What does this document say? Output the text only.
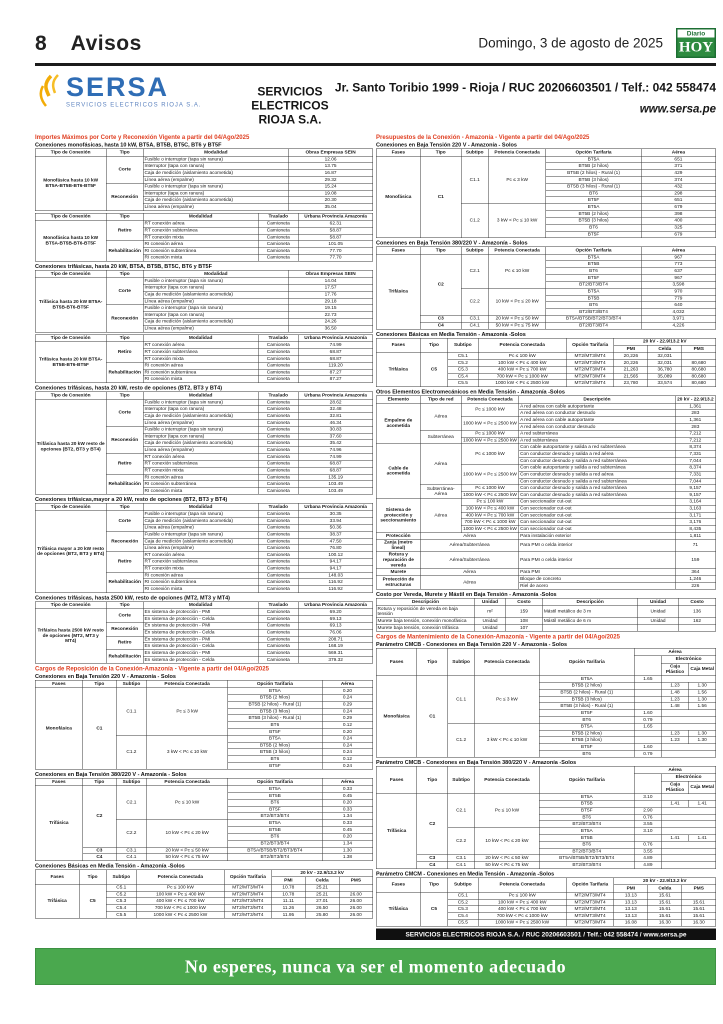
8 Avisos	Domingo, 3 de agosto de 2025
Diario
HOY
SERSA
SERVICIOS ELECTRICOS RIOJA S.A.
SERVICIOS ELECTRICOS RIOJA S.A.
Jr. Santo Toribio 1999 - Rioja / RUC 20206603501 / Telf.: 042 558474
www.sersa.pe
Importes Máximos por Corte y Reconexión Vigente a partir del 04/Ago/2025
Conexiones monofásicas, hasta 10 kW, BT5A, BT5B, BT5C, BT6 y BT5F
Tipo de Conexión	Tipo	Modalidad	Obras Empresas SEIN
Monofásica hasta 10 kW BT5A-BT5B-BT6-BT5F	Corte	Fusible o interruptor (tapa sin ranura)	12.06
		Interruptor (tapa con ranura)	13.75
		Caja de medición (aislamiento acometida)	16.87
		Línea aérea (empalme)	29.32
	Reconexión	Fusible o interruptor (tapa sin ranura)	15.24
		Interruptor (tapa con ranura)	19.08
		Caja de medición (aislamiento acometida)	20.30
		Línea aérea (empalme)	35.04
Tipo de Conexión	Tipo	Modalidad	Traslado	Urbana Provincia Amazonía
Monofásica hasta 10 kW BT5A-BT5B-BT6-BT5F	Retiro	RT conexión aérea	Camioneta	62.31
		RT conexión subterránea	Camioneta	58.87
		RT conexión mixta	Camioneta	58.87
	Rehabilitación	RI conexión aérea	Camioneta	101.05
		RI conexión subterránea	Camioneta	77.70
		RI conexión mixta	Camioneta	77.70
Conexiones trifásicas, hasta 20 kW, BT5A, BT5B, BT5C, BT6 y BT5F
Tipo de Conexión	Tipo	Modalidad	Obras Empresas SEIN
Trifásica hasta 20 kW BT5A-BT5B-BT6-BT5F	Corte	Fusible o interruptor (tapa sin ranura)	14.04
		Interruptor (tapa con ranura)	17.57
		Caja de medición (aislamiento acometida)	17.76
		Línea aérea (empalme)	29.18
	Reconexión	Fusible o interruptor (tapa sin ranura)	19.15
		Interruptor (tapa con ranura)	22.73
		Caja de medición (aislamiento acometida)	24.26
		Línea aérea (empalme)	36.50
Tipo de Conexión	Tipo	Modalidad	Traslado	Urbana Provincia Amazonía
Trifásica hasta 20 kW BT5A-BT5B-BT6-BT5F	Retiro	RT conexión aérea	Camioneta	74.99
		RT conexión subterránea	Camioneta	68.87
		RT conexión mixta	Camioneta	68.87
	Rehabilitación	RI conexión aérea	Camioneta	119.20
		RI conexión subterránea	Camioneta	87.27
		RI conexión mixta	Camioneta	87.27
Conexiones trifásicas, hasta 20 kW, resto de opciones (BT2, BT3 y BT4)
Tipo de Conexión	Tipo	Modalidad	Traslado	Urbana Provincia Amazonía
Trifásica hasta 20 kW resto de opciones (BT2, BT3 y BT4)	Corte	Fusible o interruptor (tapa sin ranura)	Camioneta	28.62
		Interruptor (tapa con ranura)	Camioneta	32.48
		Caja de medición (aislamiento acometida)	Camioneta	32.81
		Línea aérea (empalme)	Camioneta	46.34
	Reconexión	Fusible o interruptor (tapa sin ranura)	Camioneta	30.83
		Interruptor (tapa con ranura)	Camioneta	37.60
		Caja de medición (aislamiento acometida)	Camioneta	35.42
		Línea aérea (empalme)	Camioneta	74.96
	Retiro	RT conexión aérea	Camioneta	74.99
		RT conexión subterránea	Camioneta	68.87
		RT conexión mixta	Camioneta	68.87
	Rehabilitación	RI conexión aérea	Camioneta	135.19
		RI conexión subterránea	Camioneta	103.49
		RI conexión mixta	Camioneta	103.49
Conexiones trifásicas,mayor a 20 kW, resto de opciones (BT2, BT3 y BT4)
Tipo de Conexión	Tipo	Modalidad	Traslado	Urbana Provincia Amazonía
Trifásica mayor a 20 kW resto de opciones (BT2, BT3 y BT4)	Corte	Fusible o interruptor (tapa sin ranura)	Camioneta	30.35
		Caja de medición (aislamiento acometida)	Camioneta	33.94
		Línea aérea (empalme)	Camioneta	50.36
	Reconexión	Fusible o interruptor (tapa sin ranura)	Camioneta	38.37
		Caja de medición (aislamiento acometida)	Camioneta	47.50
		Línea aérea (empalme)	Camioneta	76.80
	Retiro	RT conexión aérea	Camioneta	100.12
		RT conexión subterránea	Camioneta	94.17
		RT conexión mixta	Camioneta	94.17
	Rehabilitación	RI conexión aérea	Camioneta	148.03
		RI conexión subterránea	Camioneta	116.92
		RI conexión mixta	Camioneta	116.92
Conexiones trifásicas, hasta 2500 kW, resto de opciones (MT2, MT3 y MT4)
Tipo de Conexión	Tipo	Modalidad	Traslado	Urbana Provincia Amazonía
Trifásica hasta 2500 kW resto de opciones (MT2, MT3 y MT4)	Corte	En sistema de protección - PMI	Camioneta	69.20
		En sistema de protección - Celda	Camioneta	69.13
	Reconexión	En sistema de protección - PMI	Camioneta	69.13
		En sistema de protección - Celda	Camioneta	76.06
	Retiro	En sistema de protección - PMI	Camioneta	208.71
		En sistema de protección - Celda	Camioneta	168.19
	Rehabilitación	En sistema de protección - PMI	Camioneta	569.31
		En sistema de protección - Celda	Camioneta	379.32
Cargos de Reposición de la Conexión-Amazonía - Vigente a partir del 04/Ago/2025
Conexiones en Baja Tensión 220 V - Amazonía - Solos
Fases	Tipo	Subtipo	Potencia Conectada	Opción Tarifaria	Aérea
Monofásica	C1	C1.1	Pc ≤ 3 kW	BT5A	0.20
				BT5B (2 hilos)	0.24
				BT5B (2 hilos) - Rural (1)	0.29
				BT5B (3 hilos)	0.24
				BT5B (3 hilos) - Rural (1)	0.29
				BT6	0.12
				BT5F	0.20
		C1.2	3 kW < Pc ≤ 10 kW	BT5A	0.24
				BT5B (2 hilos)	0.24
				BT5B (3 hilos)	0.24
				BT6	0.12
				BT5F	0.24
Conexiones en Baja Tensión 380/220 V - Amazonía - Solos
Fases	Tipo	Subtipo	Potencia Conectada	Opción Tarifaria	Aérea
Trifásica	C2	C2.1	Pc ≤ 10 kW	BT5A	0.33
				BT5B	0.45
				BT6	0.20
				BT5F	0.33
				BT2/BT3/BT4	1.34
		C2.2	10 kW < Pc ≤ 20 kW	BT5A	0.33
				BT5B	0.45
				BT6	0.20
				BT2/BT3/BT4	1.34
	C3	C3.1	20 kW < Pc ≤ 50 kW	BT5A/BT5B/BT2/BT3/BT4	1.30
	C4	C4.1	50 kW < Pc ≤ 75 kW	BT2/BT3/BT4	1.38
Conexiones Básicas en Media Tensión - Amazonía -Solos
Fases	Tipo	Subtipo	Potencia Conectada	Opción Tarifaria	20 kV - 22.9/13.2 kV		
					PMI	Celda	PMS
Trifásica	C5	C5.1	Pc ≤ 100 kW	MT2/MT3/MT4	10.78	25.21	
		C5.2	100 kW < Pc ≤ 400 kW	MT2/MT3/MT4	10.78	25.21	26.00
		C5.3	400 kW < Pc ≤ 700 kW	MT2/MT3/MT4	11.11	27.01	26.00
		C5.4	700 kW < Pc ≤ 1000 kW	MT2/MT3/MT4	11.26	26.50	26.00
		C5.5	1000 kW < Pc ≤ 2500 kW	MT2/MT3/MT4	11.95	25.80	26.00
Presupuestos de la Conexión - Amazonía - Vigente a partir del 04/Ago/2025
Conexiones en Baja Tensión 220 V - Amazonía - Solos
Fases	Tipo	Subtipo	Potencia Conectada	Opción Tarifaria	Aérea
Monofásica	C1	C1.1	Pc ≤ 3 kW	BT5A	651
				BT5B (2 hilos)	371
				BT5B (2 hilos) - Rural (1)	429
				BT5B (3 hilos)	374
				BT5B (3 hilos) - Rural (1)	432
				BT6	298
				BT5F	651
		C1.2	3 kW < Pc ≤ 10 kW	BT5A	679
				BT5B (2 hilos)	398
				BT5B (3 hilos)	400
				BT6	325
				BT5F	679
Conexiones en Baja Tensión 380/220 V - Amazonía - Solos
Fases	Tipo	Subtipo	Potencia Conectada	Opción Tarifaria	Aérea
Trifásica	C2	C2.1	Pc ≤ 10 kW	BT5A	967
				BT5B	773
				BT6	637
				BT5F	967
				BT2/BT3/BT4	3,598
		C2.2	10 kW < Pc ≤ 20 kW	BT5A	970
				BT5B	779
				BT6	640
				BT2/BT3/BT4	4,032
	C3	C3.1	20 kW < Pc ≤ 50 kW	BT5A/BT5B/BT2/BT3/BT4	3,971
	C4	C4.1	50 kW < Pc ≤ 75 kW	BT2/BT3/BT4	4,226
Conexiones Básicas en Media Tensión - Amazonía -Solos
Fases	Tipo	Subtipo	Potencia Conectada	Opción Tarifaria	20 kV - 22.9/13.2 kV		
					PMI	Celda	PMS
Trifásica	C5	C5.1	Pc ≤ 100 kW	MT2/MT3/MT4	20,226	32,031	
		C5.2	100 kW < Pc ≤ 400 kW	MT2/MT3/MT4	20,226	32,031	80,680
		C5.3	400 kW < Pc ≤ 700 kW	MT2/MT3/MT4	21,263	36,780	80,680
		C5.4	700 kW < Pc ≤ 1000 kW	MT2/MT3/MT4	21,565	35,089	80,680
		C5.5	1000 kW < Pc ≤ 2500 kW	MT2/MT3/MT4	23,780	33,574	80,680
Otros Elementos Electromecánicos en Media Tensión - Amazonía -Solos
Elemento	Tipo de red	Potencia Conectada	Descripción	20 kV - 22.9/13.2
Empalme de acometida	Aérea	Pc ≤ 1000 kW	A red aérea con cable autoportante	1,361
			A red aérea con conductor desnudo	283
		1000 kW < Pc ≤ 2500 kW	A red aérea con cable autoportante	1,361
			A red aérea con conductor desnudo	283
	Subterránea	Pc ≤ 1000 kW	A red subterránea	7,212
		1000 kW < Pc ≤ 2500 kW	A red subterránea	7,212
Cable de acometida	Aérea	Pc ≤ 1000 kW	Con cable autoportante y salida a red subterránea	8,374
			Con conductor desnudo y salida a red aérea	7,331
			Con conductor desnudo y salida a red subterránea	7,044
		1000 kW < Pc ≤ 2500 kW	Con cable autoportante y salida a red subterránea	8,374
			Con conductor desnudo y salida a red aérea	7,331
			Con conductor desnudo y salida a red subterránea	7,044
	Subterránea-Aérea	Pc ≤ 1000 kW	Con conductor desnudo y salida a red subterránea	9,157
		1000 kW < Pc ≤ 2500 kW	Con conductor desnudo y salida a red subterránea	9,157
Sistema de protección y seccionamiento	Aérea	Pc ≤ 100 kW	Con seccionador cut-out	3,164
		100 kW < Pc ≤ 400 kW	Con seccionador cut-out	3,163
		400 kW < Pc ≤ 700 kW	Con seccionador cut-out	3,171
		700 kW < Pc ≤ 1000 kW	Con seccionador cut-out	3,176
		1000 kW < Pc ≤ 2500 kW	Con seccionador cut-out	8,435
Protección	Aérea		Para instalación exterior	1,811
Zanja (metro lineal)	Aérea/Subterránea		Para PMI o celda interior	71
Rotura y reparación de vereda	Aérea/Subterránea		Para PMI o celda interior	159
Murete	Aérea		Para PMI	364
Protección de estructuras	Aérea		Bloque de concreto	1,246
			Riel de acero	226
Costo por Vereda, Murete y Mástil en Baja Tensión - Amazonía -Solos
Descripción	Unidad	Costo	Descripción	Unidad	Costo
Rotura y reposición de vereda en baja tensión	m²	159	Mástil metálico de 3 m	Unidad	136
Murete baja tensión, conexión monofásica	Unidad	108	Mástil metálico de 6 m	Unidad	162
Murete baja tensión, conexión trifásica	Unidad	107			
Cargos de Mantenimiento de la Conexión-Amazonía - Vigente a partir del 04/Ago/2025
Parámetro CMCB - Conexiones en Baja Tensión 220 V - Amazonía - Solos
Fases	Tipo	Subtipo	Potencia Conectada	Opción Tarifaria	Aérea		
						Electrónico	
						Caja Plástico	Caja Metal
Monofásica	C1	C1.1	Pc ≤ 3 kW	BT5A	1.65		
				BT5B (2 hilos)		1.23	1.30
				BT5B (2 hilos) - Rural (1)		1.48	1.56
				BT5B (3 hilos)		1.23	1.30
				BT5B (3 hilos) - Rural (1)		1.48	1.56
				BT5F	1.60		
				BT6	0.79		
		C1.2	3 kW < Pc ≤ 10 kW	BT5A	1.65		
				BT5B (2 hilos)		1.23	1.30
				BT5B (3 hilos)		1.23	1.30
				BT5F	1.60		
				BT6	0.79		
Parámetro CMCB - Conexiones en Baja Tensión 380/220 V - Amazonía -Solos
Fases	Tipo	Subtipo	Potencia Conectada	Opción Tarifaria	Aérea		
						Electrónico	
						Caja Plástico	Caja Metal
Trifásica	C2	C2.1	Pc ≤ 10 kW	BT5A	3.10		
				BT5B		1.41	1.41
				BT5F	2.90		
				BT6	0.76		
				BT2/BT3/BT4	3.55		
		C2.2	10 kW < Pc ≤ 20 kW	BT5A	3.10		
				BT5B		1.41	1.41
				BT6	0.76		
				BT2/BT3/BT4	3.55		
	C3	C3.1	20 kW < Pc ≤ 50 kW	BT5A/BT5B/BT2/BT3/BT4	4.89		
	C4	C4.1	50 kW < Pc ≤ 75 kW	BT2/BT3/BT4	4.89		
Parámetro CMCM - Conexiones en Media Tensión - Amazonía -Solos
Fases	Tipo	Subtipo	Potencia Conectada	Opción Tarifaria	20 kV - 22.9/13.2 kV		
					PMI	Celda	PMS
Trifásica	C5	C5.1	Pc ≤ 100 kW	MT2/MT3/MT4	13.13	15.61	
		C5.2	100 kW < Pc ≤ 400 kW	MT2/MT3/MT4	13.13	15.61	15.61
		C5.3	400 kW < Pc ≤ 700 kW	MT2/MT3/MT4	13.13	15.61	15.61
		C5.4	700 kW < Pc ≤ 1000 kW	MT2/MT3/MT4	13.13	15.61	15.61
		C5.5	1000 kW < Pc ≤ 2500 kW	MT2/MT3/MT4	16.08	16.30	16.30
SERVICIOS ELECTRICOS RIOJA S.A. / RUC 20206603501 / Telf.: 042 558474 / www.sersa.pe
No esperes, nunca va ser el momento adecuado
